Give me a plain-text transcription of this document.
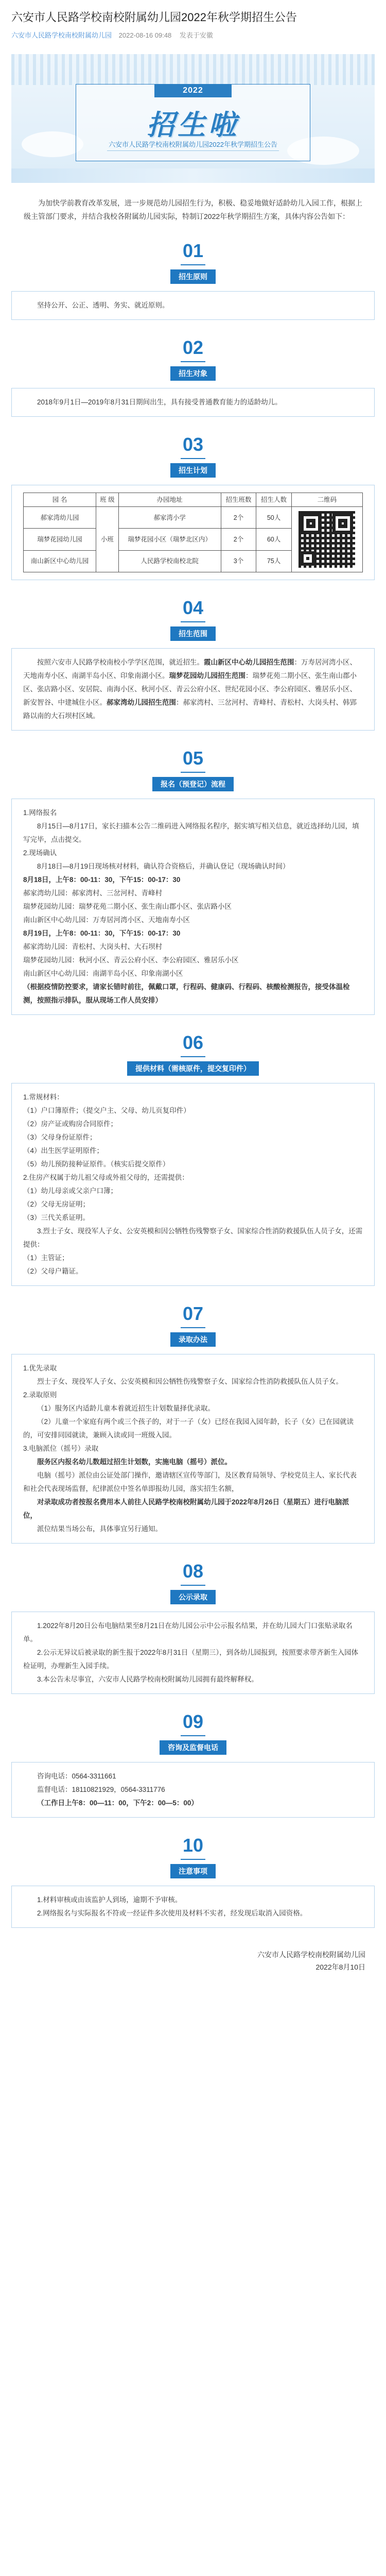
六安市人民路学校南校附属幼儿园2022年秋学期招生公告
六安市人民路学校南校附属幼儿园 2022-08-16 09:48 发表于安徽
2022
招生啦
六安市人民路学校南校附属幼儿园2022年秋学期招生公告

为加快学前教育改革发展，进一步规范幼儿园招生行为，积极、稳妥地做好适龄幼儿入园工作，根据上级主管部门要求，并结合我校各附属幼儿园实际，特制订2022年秋学期招生方案，具体内容公告如下：

01
招生原则

坚持公开、公正、透明、务实、就近原则。

02
招生对象

2018年9月1日—2019年8月31日期间出生，具有接受普通教育能力的适龄幼儿。

03
招生计划
园 名	班 级	办园地址	招生班数	招生人数	二维码
郝家湾幼儿园	小班	郝家湾小学	2个	50人	

瑞梦花园幼儿园		瑞梦花园小区（瑞梦北区内）	2个	60人	
南山新区中心幼儿园		人民路学校南校北院	3个	75人	
04
招生范围

按照六安市人民路学校南校小学学区范围，就近招生。霞山新区中心幼儿园招生范围：万寿居河湾小区、天地南寿小区、南湖半岛小区、印象南湖小区。瑞梦花园幼儿园招生范围：瑞梦花苑二期小区、张生南山郡小区、张店路小区、安居院、南海小区、秋河小区、青云公府小区、世纪花园小区、李公府园区、雅居乐小区、新安智谷、中建城住小区。郝家湾幼儿园招生范围：郝家湾村、三岔河村、青峰村、青松村、大岗头村、韩郢路以南的大石坝村区域。

05
报名（预登记）流程

1.网络报名

8月15日—8月17日，家长扫描本公告二维码进入网络报名程序，据实填写相关信息，就近选择幼儿园，填写完毕，点击提交。

2.现场确认

8月18日—8月19日现场核对材料，确认符合资格后，并确认登记（现场确认时间）

8月18日，上午8：00-11：30，下午15：00-17：30

郝家湾幼儿园：郝家湾村、三岔河村、青峰村

瑞梦花园幼儿园：瑞梦花苑二期小区、张生南山郡小区、张店路小区

南山新区中心幼儿园：万寿居河湾小区、天地南寿小区

8月19日，上午8：00-11：30，下午15：00-17：30

郝家湾幼儿园：青松村、大岗头村、大石坝村

瑞梦花园幼儿园：秋河小区、青云公府小区、李公府园区、雅居乐小区

南山新区中心幼儿园：南湖半岛小区、印象南湖小区

（根据疫情防控要求，请家长错时前往，佩戴口罩，行程码、健康码、行程码、核酸检测报告，接受体温检测，按照指示排队，服从现场工作人员安排）

06
提供材料（需核原件，提交复印件）

1.常规材料：

（1）户口簿原件；（提交户主、父母、幼儿页复印件）

（2）房产证或购房合同原件；

（3）父母身份证原件；

（4）出生医学证明原件；

（5）幼儿预防接种证原件。（核实后提交原件）

2.住房产权属于幼儿祖父母或外祖父母的，还需提供：

（1）幼儿母亲或父亲户口簿；

（2）父母无房证明；

（3）三代关系证明。

3.烈士子女、现役军人子女、公安英模和因公牺牲伤残警察子女、国家综合性消防救援队伍人员子女，还需提供：

（1）主管证；

（2）父母户籍证。

07
录取办法

1.优先录取

烈士子女、现役军人子女、公安英模和因公牺牲伤残警察子女、国家综合性消防救援队伍人员子女。

2.录取原则

（1）服务区内适龄儿童本着就近招生计划数量择优录取。

（2）儿童一个家庭有两个或三个孩子的，对于一子（女）已经在我园入园年龄，长子（女）已在园就读的，可安排同园就读，兼顾入读或同一班级入园。

3.电脑派位（摇号）录取

服务区内报名幼儿数超过招生计划数，实施电脑（摇号）派位。

电脑（摇号）派位由公证处部门操作，邀请辖区宣传等部门，及区教育局领导、学校党员主人、家长代表和社会代表现场监督，纪律派位中签名单即报幼儿园，落实招生名额，

对录取成功者按报名费用本人前往人民路学校南校附属幼儿园于2022年8月26日（星期五）进行电脑派位，

派位结果当场公布，具体事宜另行通知。

08
公示录取

1.2022年8月20日公布电脑结果至8月21日在幼儿园公示中公示报名结果，并在幼儿园大门口张贴录取名单。

2.公示无异议后被录取的新生报于2022年8月31日（星期三），到各幼儿园报到，按照要求带齐新生入园体检证明，办理新生入园手续。

3.本公告未尽事宜，六安市人民路学校南校附属幼儿园拥有最终解释权。

09
咨询及监督电话

咨询电话：0564-3311661

监督电话：18110821929，0564-3311776

（工作日上午8：00—11：00，下午2：00—5：00）

10
注意事项

1.材料审核或由该监护人到场，逾期不予审核。

2.网络报名与实际报名不符或一经证件多次使用及材料不实者，经发现后取消入园资格。

六安市人民路学校南校附属幼儿园
2022年8月10日
